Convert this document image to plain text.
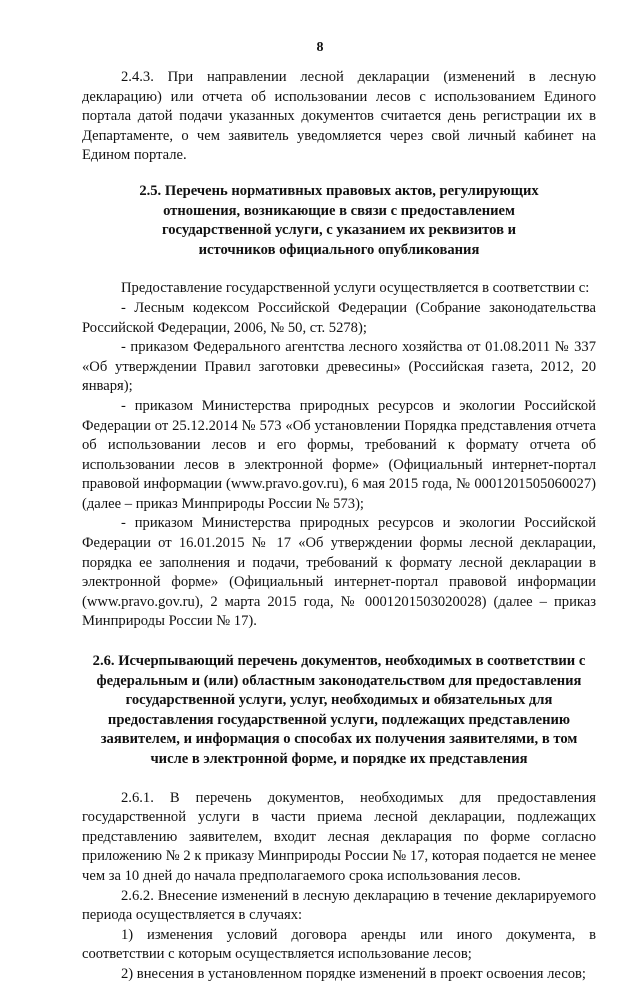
8

2.4.3. При направлении лесной декларации (изменений в лесную декларацию) или отчета об использовании лесов с использованием Единого портала датой подачи указанных документов считается день регистрации их в Департаменте, о чем заявитель уведомляется через свой личный кабинет на Едином портале.

2.5. Перечень нормативных правовых актов, регулирующих отношения, возникающие в связи с предоставлением государственной услуги, с указанием их реквизитов и источников официального опубликования

Предоставление государственной услуги осуществляется в соответствии с:

- Лесным кодексом Российской Федерации (Собрание законодательства Российской Федерации, 2006, № 50, ст. 5278);

- приказом Федерального агентства лесного хозяйства от 01.08.2011 № 337 «Об утверждении Правил заготовки древесины» (Российская газета, 2012, 20 января);

- приказом Министерства природных ресурсов и экологии Российской Федерации от 25.12.2014 № 573 «Об установлении Порядка представления отчета об использовании лесов и его формы, требований к формату отчета об использовании лесов в электронной форме» (Официальный интернет-портал правовой информации (www.pravo.gov.ru), 6 мая 2015 года, № 0001201505060027) (далее – приказ Минприроды России № 573);

- приказом Министерства природных ресурсов и экологии Российской Федерации от 16.01.2015 № 17 «Об утверждении формы лесной декларации, порядка ее заполнения и подачи, требований к формату лесной декларации в электронной форме» (Официальный интернет-портал правовой информации (www.pravo.gov.ru), 2 марта 2015 года, № 0001201503020028) (далее – приказ Минприроды России № 17).

2.6. Исчерпывающий перечень документов, необходимых в соответствии с федеральным и (или) областным законодательством для предоставления государственной услуги, услуг, необходимых и обязательных для предоставления государственной услуги, подлежащих представлению заявителем, и информация о способах их получения заявителями, в том числе в электронной форме, и порядке их представления

2.6.1. В перечень документов, необходимых для предоставления государственной услуги в части приема лесной декларации, подлежащих представлению заявителем, входит лесная декларация по форме согласно приложению № 2 к приказу Минприроды России № 17, которая подается не менее чем за 10 дней до начала предполагаемого срока использования лесов.

2.6.2. Внесение изменений в лесную декларацию в течение декларируемого периода осуществляется в случаях:

1) изменения условий договора аренды или иного документа, в соответствии с которым осуществляется использование лесов;

2) внесения в установленном порядке изменений в проект освоения лесов;
